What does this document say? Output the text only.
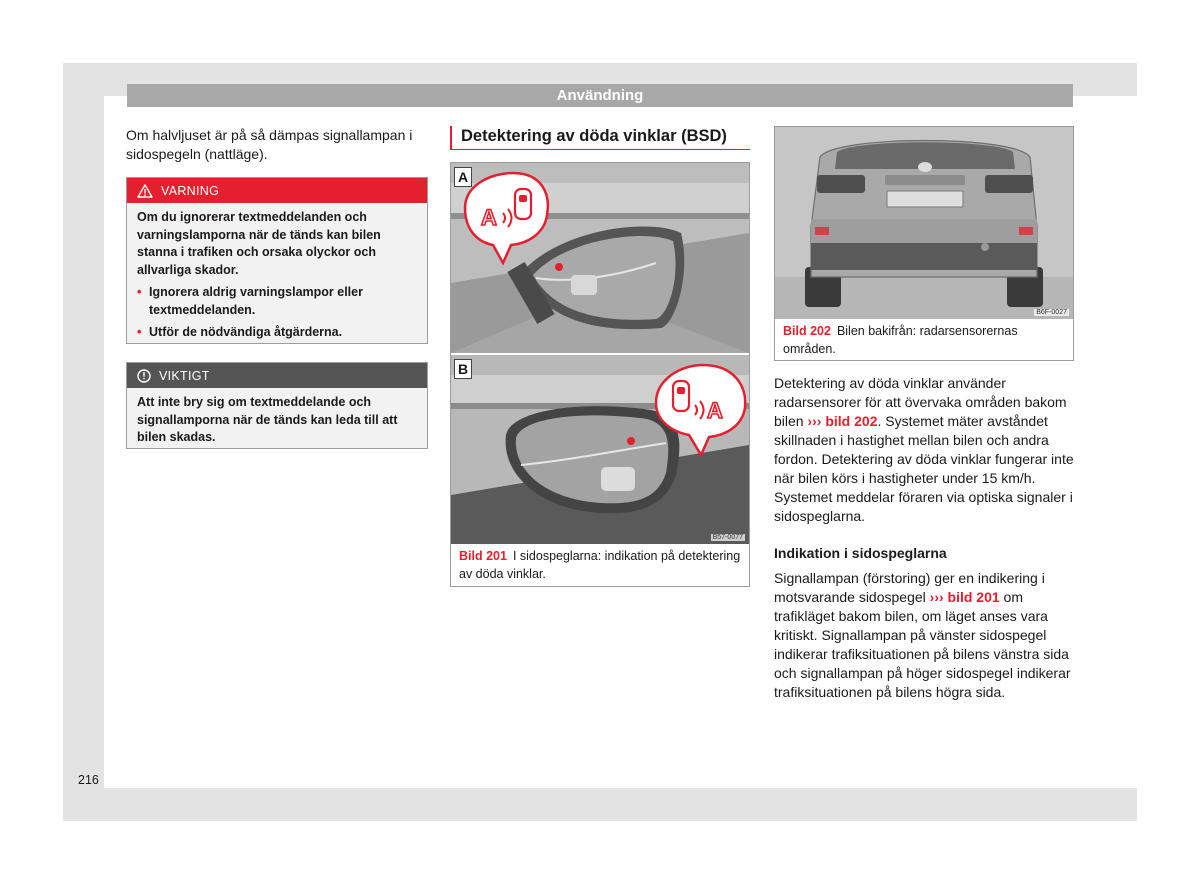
Användning

Om halvljuset är på så dämpas signallampan i sidospegeln (nattläge).

VARNING

Om du ignorerar textmeddelanden och varningslamporna när de tänds kan bilen stanna i trafiken och orsaka olyckor och allvarliga skador.

• Ignorera aldrig varningslampor eller textmeddelanden.
• Utför de nödvändiga åtgärderna.
VIKTIGT

Att inte bry sig om textmeddelande och signallamporna när de tänds kan leda till att bilen skadas.

Detektering av döda vinklar (BSD)
A
A
A
B
B57-0077
Bild 201 I sidospeglarna: indikation på detektering av döda vinklar.
B6F-0027
Bild 202 Bilen bakifrån: radarsensorernas områden.

Detektering av döda vinklar använder radarsensorer för att övervaka områden bakom bilen ››› bild 202. Systemet mäter avståndet skillnaden i hastighet mellan bilen och andra fordon. Detektering av döda vinklar fungerar inte när bilen körs i hastigheter under 15 km/h. Systemet meddelar föraren via optiska signaler i sidospeglarna.

Indikation i sidospeglarna

Signallampan (förstoring) ger en indikering i motsvarande sidospegel ››› bild 201 om trafikläget bakom bilen, om läget anses vara kritiskt. Signallampan på vänster sidospegel indikerar trafiksituationen på bilens vänstra sida och signallampan på höger sidospegel indikerar trafiksituationen på bilens högra sida.

216
